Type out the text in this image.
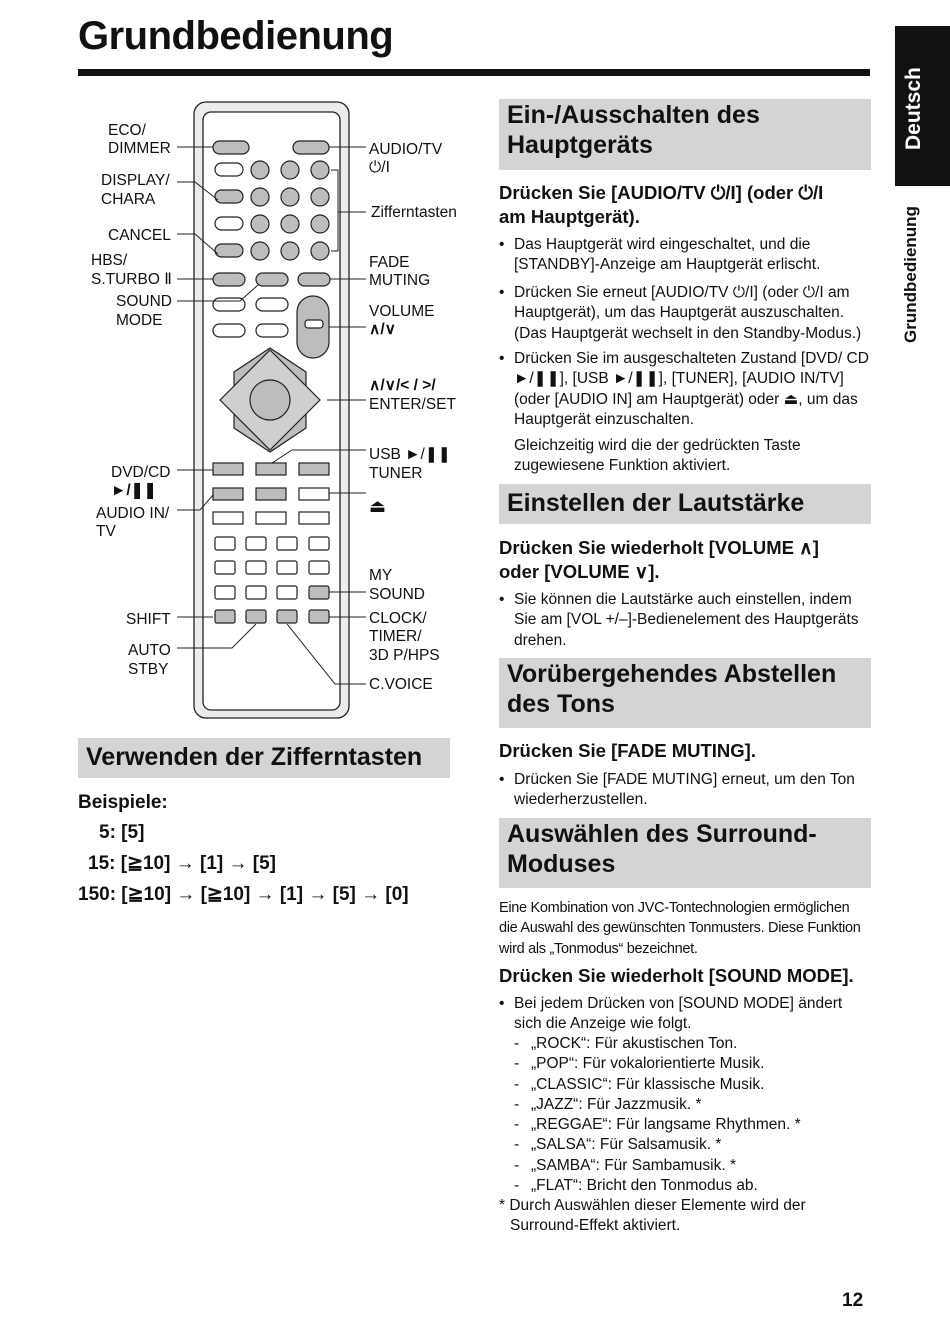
Grundbedienung
Deutsch
Grundbedienung
ECO/
DIMMER
DISPLAY/
CHARA
CANCEL
HBS/
S.TURBO Ⅱ
SOUND
MODE
DVD/CD
►/❚❚
AUDIO IN/
TV
SHIFT
AUTO
STBY
AUDIO/TV
⏻/I
Zifferntasten
FADE
MUTING
VOLUME
∧/∨
∧/∨/< / >/
ENTER/SET
USB ►/❚❚
TUNER
⏏
MY
SOUND
CLOCK/
TIMER/
3D P/HPS
C.VOICE
Verwenden der Zifferntasten
Beispiele:
5: [5]
15: [≧10] → [1] → [5]
150: [≧10] → [≧10] → [1] → [5] → [0]
Ein-/Ausschalten des
Hauptgeräts
Drücken Sie [AUDIO/TV ⏻/I] (oder ⏻/I
am Hauptgerät).
• Das Hauptgerät wird eingeschaltet, und die [STANDBY]-Anzeige am Hauptgerät erlischt.
• Drücken Sie erneut [AUDIO/TV ⏻/I] (oder ⏻/I am Hauptgerät), um das Hauptgerät auszuschalten. (Das Hauptgerät wechselt in den Standby-Modus.)
• Drücken Sie im ausgeschalteten Zustand [DVD/ CD ►/❚❚], [USB ►/❚❚], [TUNER], [AUDIO IN/TV] (oder [AUDIO IN] am Hauptgerät) oder ⏏, um das Hauptgerät einzuschalten.
Gleichzeitig wird die der gedrückten Taste zugewiesene Funktion aktiviert.
Einstellen der Lautstärke
Drücken Sie wiederholt [VOLUME ∧]
oder [VOLUME ∨].
• Sie können die Lautstärke auch einstellen, indem Sie am [VOL +/–]-Bedienelement des Hauptgeräts drehen.
Vorübergehendes Abstellen
des Tons
Drücken Sie [FADE MUTING].
• Drücken Sie [FADE MUTING] erneut, um den Ton wiederherzustellen.
Auswählen des Surround-
Moduses
Eine Kombination von JVC-Tontechnologien ermöglichen die Auswahl des gewünschten Tonmusters. Diese Funktion wird als „Tonmodus“ bezeichnet.
Drücken Sie wiederholt [SOUND MODE].
• Bei jedem Drücken von [SOUND MODE] ändert sich die Anzeige wie folgt.
- „ROCK“: Für akustischen Ton.
- „POP“: Für vokalorientierte Musik.
- „CLASSIC“: Für klassische Musik.
- „JAZZ“: Für Jazzmusik. *
- „REGGAE“: Für langsame Rhythmen. *
- „SALSA“: Für Salsamusik. *
- „SAMBA“: Für Sambamusik. *
- „FLAT“: Bricht den Tonmodus ab.
* Durch Auswählen dieser Elemente wird der Surround-Effekt aktiviert.
12
